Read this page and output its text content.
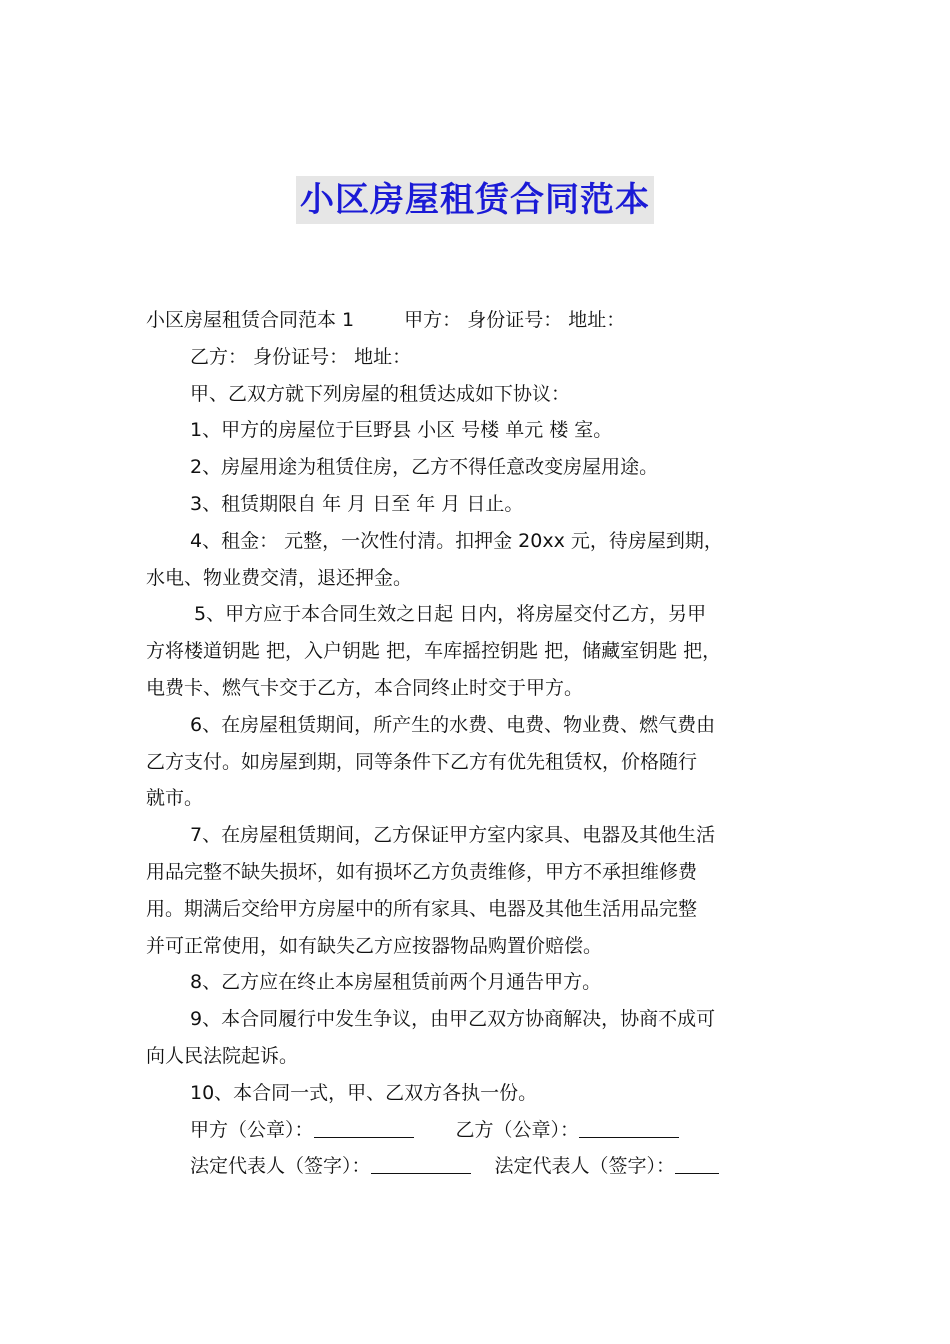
小区房屋租赁合同范本
小区房屋租赁合同范本 1	甲方： 身份证号： 地址：
乙方： 身份证号： 地址：
甲、乙双方就下列房屋的租赁达成如下协议：
1、甲方的房屋位于巨野县 小区 号楼 单元 楼 室。
2、房屋用途为租赁住房，乙方不得任意改变房屋用途。
3、租赁期限自 年 月 日至 年 月 日止。
4、租金： 元整，一次性付清。扣押金 20xx 元，待房屋到期，
水电、物业费交清，退还押金。
5、甲方应于本合同生效之日起 日内，将房屋交付乙方，另甲
方将楼道钥匙 把，入户钥匙 把，车库摇控钥匙 把，储藏室钥匙 把，
电费卡、燃气卡交于乙方，本合同终止时交于甲方。
6、在房屋租赁期间，所产生的水费、电费、物业费、燃气费由
乙方支付。如房屋到期，同等条件下乙方有优先租赁权，价格随行
就市。
7、在房屋租赁期间，乙方保证甲方室内家具、电器及其他生活
用品完整不缺失损坏，如有损坏乙方负责维修，甲方不承担维修费
用。期满后交给甲方房屋中的所有家具、电器及其他生活用品完整
并可正常使用，如有缺失乙方应按器物品购置价赔偿。
8、乙方应在终止本房屋租赁前两个月通告甲方。
9、本合同履行中发生争议，由甲乙双方协商解决，协商不成可
向人民法院起诉。
10、本合同一式，甲、乙双方各执一份。
甲方（公章）：	乙方（公章）：
法定代表人（签字）：	法定代表人（签字）：
